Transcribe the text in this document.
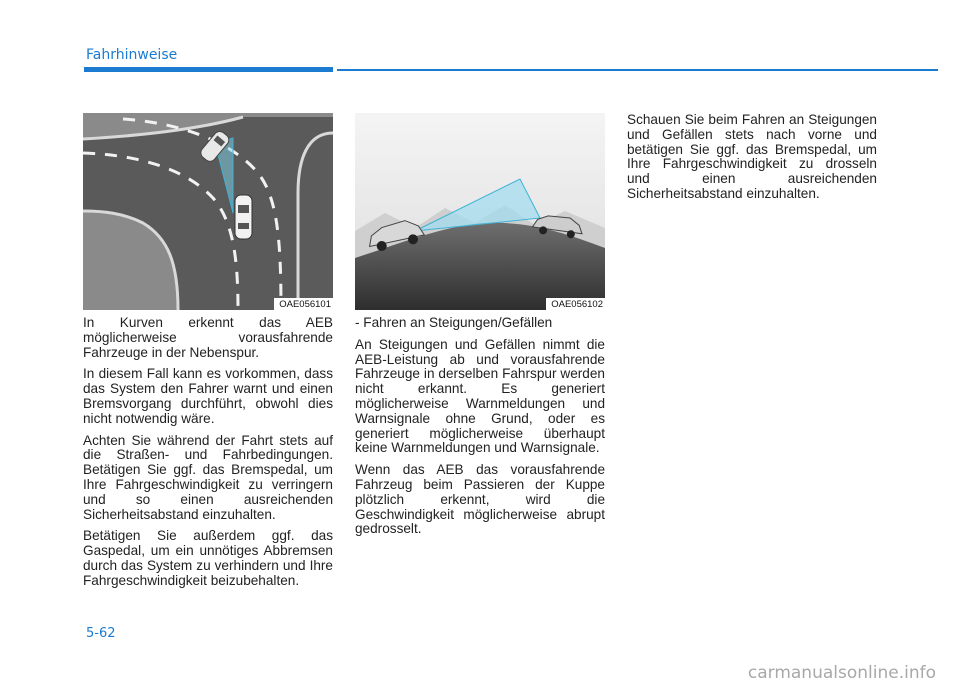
Fahrhinweise
OAE056101	OAE056102

In Kurven erkennt das AEB möglicherweise vorausfahrende Fahrzeuge in der Nebenspur.

In diesem Fall kann es vorkommen, dass das System den Fahrer warnt und einen Bremsvorgang durchführt, obwohl dies nicht notwendig wäre.

Achten Sie während der Fahrt stets auf die Straßen- und Fahrbedingungen. Betätigen Sie ggf. das Bremspedal, um Ihre Fahrgeschwindigkeit zu verringern und so einen ausreichenden Sicherheitsabstand einzuhalten.

Betätigen Sie außerdem ggf. das Gaspedal, um ein unnötiges Abbremsen durch das System zu verhindern und Ihre Fahrgeschwindigkeit beizubehalten.

- Fahren an Steigungen/Gefällen

An Steigungen und Gefällen nimmt die AEB-Leistung ab und vorausfahrende Fahrzeuge in derselben Fahrspur werden nicht erkannt. Es generiert möglicherweise Warnmeldungen und Warnsignale ohne Grund, oder es generiert möglicherweise überhaupt keine Warnmeldungen und Warnsignale.

Wenn das AEB das vorausfahrende Fahrzeug beim Passieren der Kuppe plötzlich erkennt, wird die Geschwindigkeit möglicherweise abrupt gedrosselt.

Schauen Sie beim Fahren an Steigungen und Gefällen stets nach vorne und betätigen Sie ggf. das Bremspedal, um Ihre Fahrgeschwindigkeit zu drosseln und einen ausreichenden Sicherheitsabstand einzuhalten.

5-62
carmanualsonline.info
